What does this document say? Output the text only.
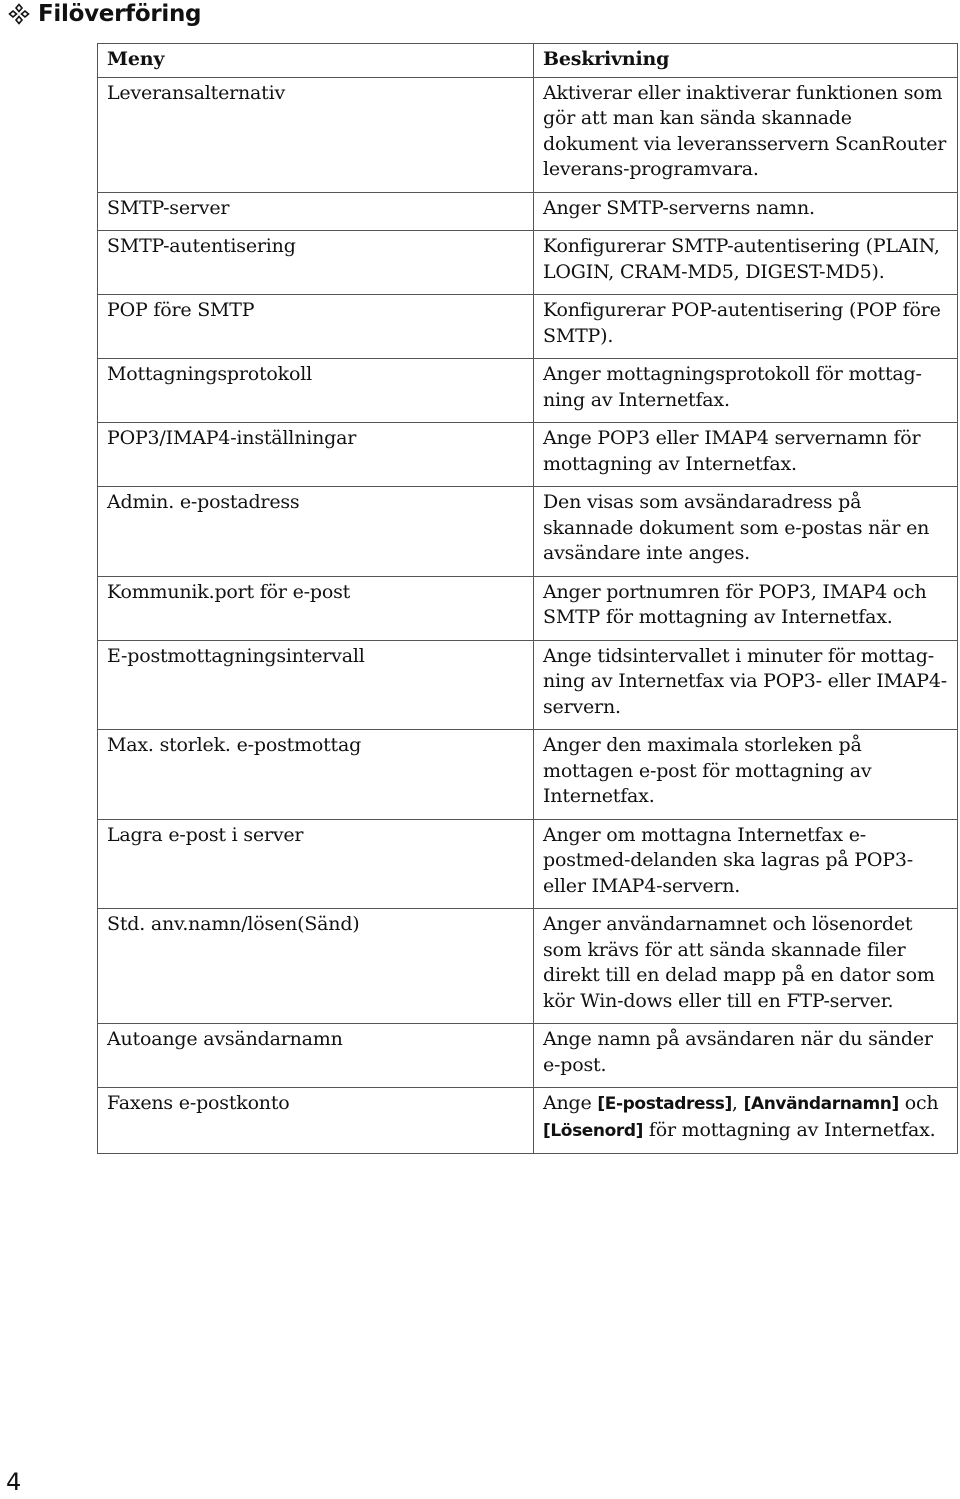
Filöverföring
Meny	Beskrivning
Leveransalternativ	Aktiverar eller inaktiverar funktionen som gör att man kan sända skannade dokument via leveransservern ScanRouter leverans-programvara.
SMTP-server	Anger SMTP-serverns namn.
SMTP-autentisering	Konfigurerar SMTP-autentisering (PLAIN, LOGIN, CRAM-MD5, DIGEST-MD5).
POP före SMTP	Konfigurerar POP-autentisering (POP före SMTP).
Mottagningsprotokoll	Anger mottagningsprotokoll för mottag-ning av Internetfax.
POP3/IMAP4-inställningar	Ange POP3 eller IMAP4 servernamn för mottagning av Internetfax.
Admin. e-postadress	Den visas som avsändaradress på skannade dokument som e-postas när en avsändare inte anges.
Kommunik.port för e-post	Anger portnumren för POP3, IMAP4 och SMTP för mottagning av Internetfax.
E-postmottagningsintervall	Ange tidsintervallet i minuter för mottag-ning av Internetfax via POP3- eller IMAP4-servern.
Max. storlek. e-postmottag	Anger den maximala storleken på mottagen e-post för mottagning av Internetfax.
Lagra e-post i server	Anger om mottagna Internetfax e-postmed-delanden ska lagras på POP3- eller IMAP4-servern.
Std. anv.namn/lösen(Sänd)	Anger användarnamnet och lösenordet som krävs för att sända skannade filer direkt till en delad mapp på en dator som kör Win-dows eller till en FTP-server.
Autoange avsändarnamn	Ange namn på avsändaren när du sänder e-post.
Faxens e-postkonto	Ange [E-postadress], [Användarnamn] och [Lösenord] för mottagning av Internetfax.
4
